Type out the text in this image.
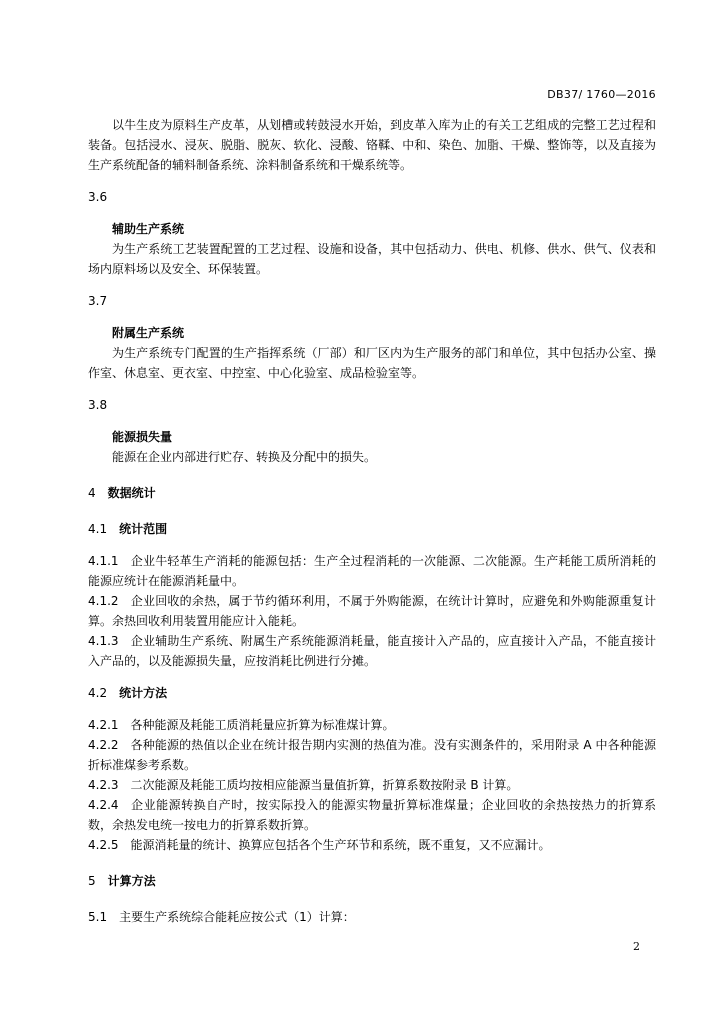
DB37/ 1760—2016

以牛生皮为原料生产皮革，从划槽或转鼓浸水开始，到皮革入库为止的有关工艺组成的完整工艺过程和装备。包括浸水、浸灰、脱脂、脱灰、软化、浸酸、铬鞣、中和、染色、加脂、干燥、整饰等，以及直接为生产系统配备的辅料制备系统、涂料制备系统和干燥系统等。

3.6

辅助生产系统

为生产系统工艺装置配置的工艺过程、设施和设备，其中包括动力、供电、机修、供水、供气、仪表和场内原料场以及安全、环保装置。

3.7

附属生产系统

为生产系统专门配置的生产指挥系统（厂部）和厂区内为生产服务的部门和单位，其中包括办公室、操作室、休息室、更衣室、中控室、中心化验室、成品检验室等。

3.8

能源损失量

能源在企业内部进行贮存、转换及分配中的损失。

4 数据统计

4.1 统计范围

4.1.1 企业牛轻革生产消耗的能源包括：生产全过程消耗的一次能源、二次能源。生产耗能工质所消耗的能源应统计在能源消耗量中。

4.1.2 企业回收的余热，属于节约循环利用，不属于外购能源，在统计计算时，应避免和外购能源重复计算。余热回收利用装置用能应计入能耗。

4.1.3 企业辅助生产系统、附属生产系统能源消耗量，能直接计入产品的，应直接计入产品，不能直接计入产品的，以及能源损失量，应按消耗比例进行分摊。

4.2 统计方法

4.2.1 各种能源及耗能工质消耗量应折算为标准煤计算。

4.2.2 各种能源的热值以企业在统计报告期内实测的热值为准。没有实测条件的，采用附录 A 中各种能源折标准煤参考系数。

4.2.3 二次能源及耗能工质均按相应能源当量值折算，折算系数按附录 B 计算。

4.2.4 企业能源转换自产时，按实际投入的能源实物量折算标准煤量；企业回收的余热按热力的折算系数，余热发电统一按电力的折算系数折算。

4.2.5 能源消耗量的统计、换算应包括各个生产环节和系统，既不重复，又不应漏计。

5 计算方法

5.1 主要生产系统综合能耗应按公式（1）计算：

2
